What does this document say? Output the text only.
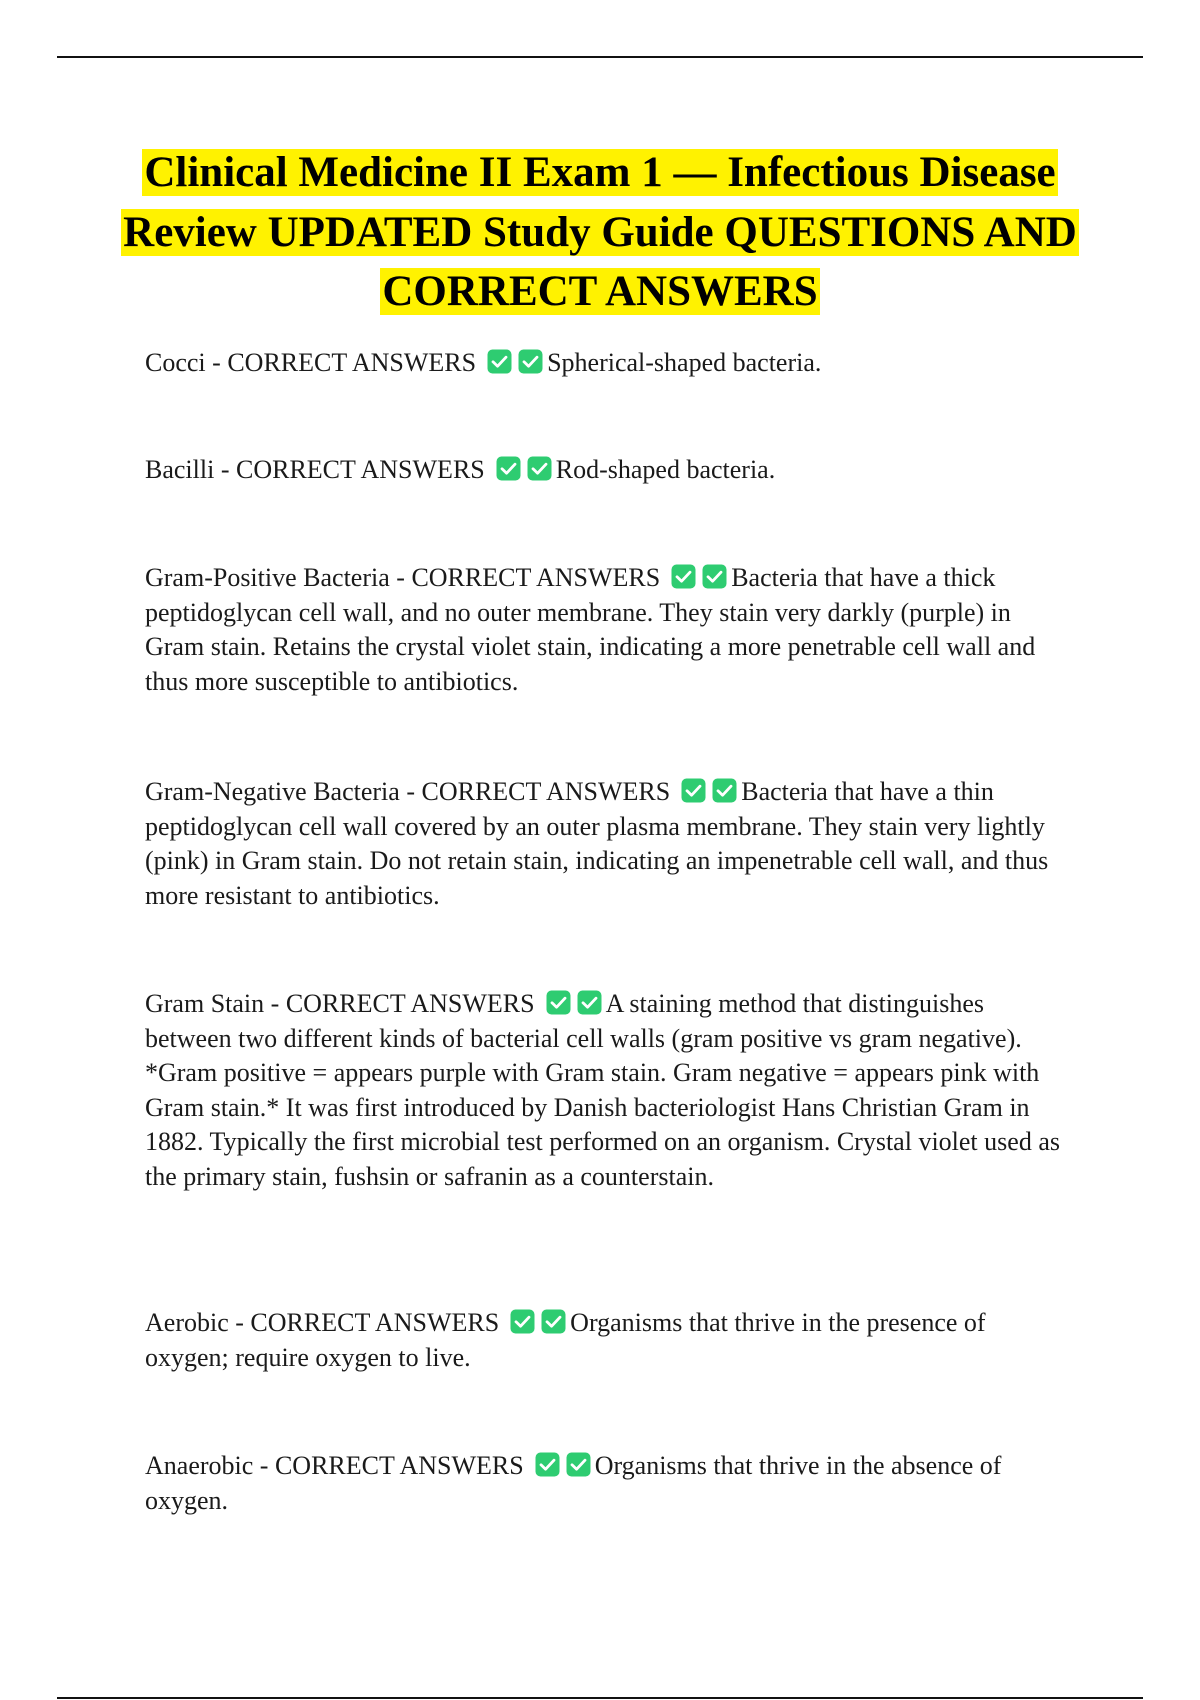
Clinical Medicine II Exam 1 — Infectious Disease Review UPDATED Study Guide QUESTIONS AND CORRECT ANSWERS

Cocci - CORRECT ANSWERS	Spherical-shaped bacteria.

Bacilli - CORRECT ANSWERS	Rod-shaped bacteria.

Gram-Positive Bacteria - CORRECT ANSWERS	Bacteria that have a thick peptidoglycan cell wall, and no outer membrane. They stain very darkly (purple) in Gram stain. Retains the crystal violet stain, indicating a more penetrable cell wall and thus more susceptible to antibiotics.

Gram-Negative Bacteria - CORRECT ANSWERS	Bacteria that have a thin peptidoglycan cell wall covered by an outer plasma membrane. They stain very lightly (pink) in Gram stain. Do not retain stain, indicating an impenetrable cell wall, and thus more resistant to antibiotics.

Gram Stain - CORRECT ANSWERS	A staining method that distinguishes between two different kinds of bacterial cell walls (gram positive vs gram negative). *Gram positive = appears purple with Gram stain. Gram negative = appears pink with Gram stain.* It was first introduced by Danish bacteriologist Hans Christian Gram in 1882. Typically the first microbial test performed on an organism. Crystal violet used as the primary stain, fushsin or safranin as a counterstain.

Aerobic - CORRECT ANSWERS	Organisms that thrive in the presence of oxygen; require oxygen to live.

Anaerobic - CORRECT ANSWERS	Organisms that thrive in the absence of oxygen.
